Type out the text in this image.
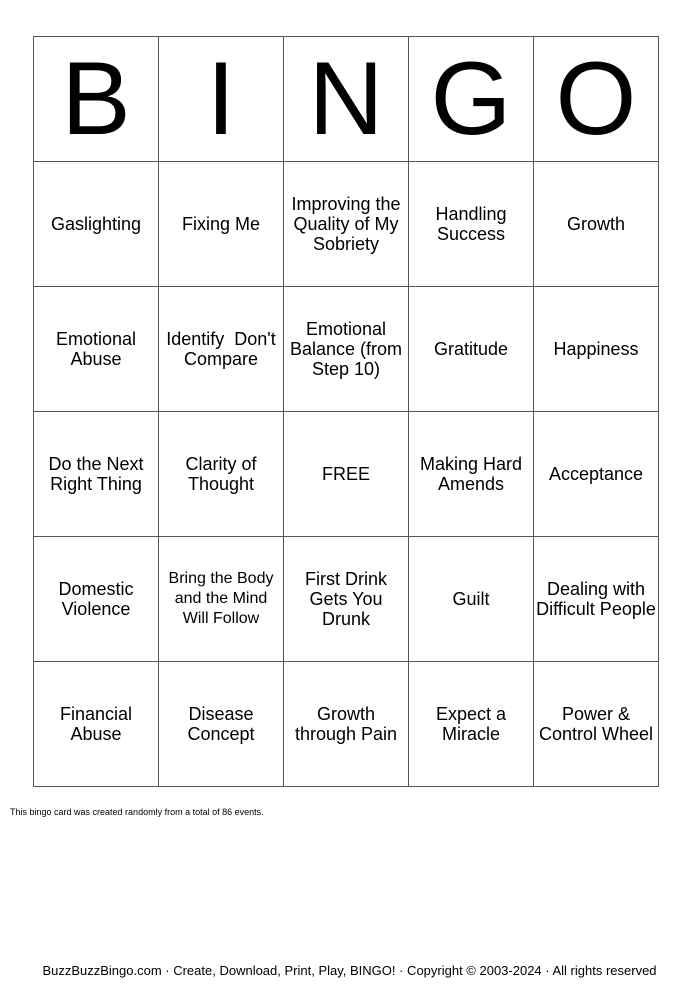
B	I	N	G	O
Gaslighting	Fixing Me	Improving the Quality of My Sobriety	Handling Success	Growth
Emotional Abuse	Identify  Don't Compare	Emotional Balance (from Step 10)	Gratitude	Happiness
Do the Next Right Thing	Clarity of Thought	FREE	Making Hard Amends	Acceptance
Domestic Violence	Bring the Body and the Mind Will Follow	First Drink Gets You Drunk	Guilt	Dealing with Difficult People
Financial Abuse	Disease Concept	Growth through Pain	Expect a Miracle	Power & Control Wheel
This bingo card was created randomly from a total of 86 events.
BuzzBuzzBingo.com · Create, Download, Print, Play, BINGO! · Copyright © 2003-2024 · All rights reserved
